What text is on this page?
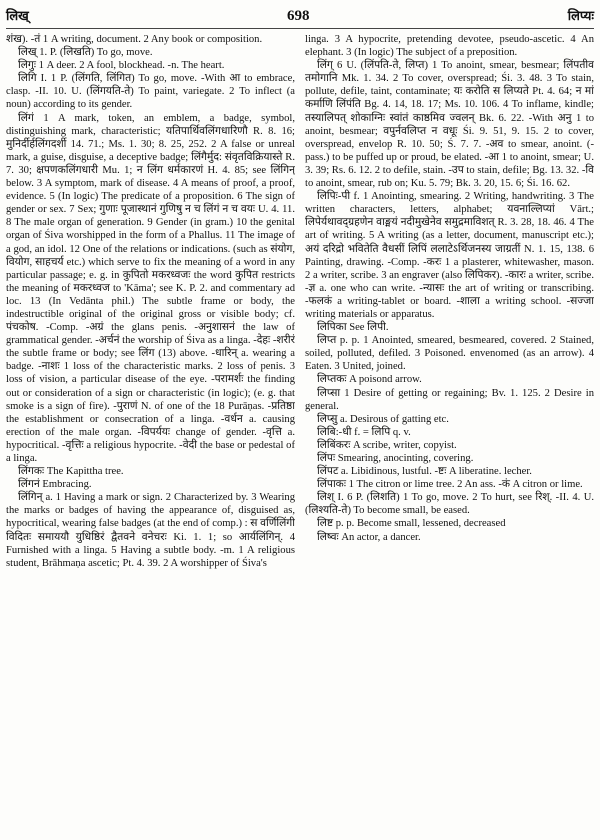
लिख्	698	लिप्यः

शंख). -तं 1 A writing, document. 2 Any book or composition.

लिख् 1. P. (लिखति) To go, move.

लिगुः 1 A deer. 2 A fool, blockhead. -n. The heart.

लिगि I. 1 P. (लिंगति, लिंगित) To go, move. -With आ to embrace, clasp. -II. 10. U. (लिंगयति-ते) To paint, variegate. 2 To inflect (a noun) according to its gender.

लिंगं 1 A mark, token, an emblem, a badge, symbol, distinguishing mark, characteristic; यतिपार्थिवलिंगधारिणौ R. 8. 16; मुनिर्दीर्हलिंगदर्शी 14. 71.; Ms. 1. 30; 8. 25, 252. 2 A false or unreal mark, a guise, disguise, a deceptive badge; लिंगैर्मुद: संवृतविक्रियास्ते R. 7. 30; क्षपणकलिंगधारी Mu. 1; न लिंग धर्मकारणं H. 4. 85; see लिंगिन् below. 3 A symptom, mark of disease. 4 A means of proof, a proof, evidence. 5 (In logic) The predicate of a proposition. 6 The sign of gender or sex. 7 Sex; गुणाः पूजास्थानं गुणिषु न च लिंगं न च वयः U. 4. 11. 8 The male organ of generation. 9 Gender (in gram.) 10 the genital organ of Śiva worshipped in the form of a Phallus. 11 The image of a god, an idol. 12 One of the relations or indications. (such as संयोग, वियोग, साहचर्य etc.) which serve to fix the meaning of a word in any particular passage; e. g. in कुपितो मकरध्वजः the word कुपित restricts the meaning of मकरध्वज to 'Kāma'; see K. P. 2. and commentary ad loc. 13 (In Vedānta phil.) The subtle frame or body, the indestructible original of the original gross or visible body; cf. पंचकोष. -Comp. -अग्रं the glans penis. -अनुशासनं the law of grammatical gender. -अर्चनं the worship of Śiva as a linga. -देहः -शरीरं the subtle frame or body; see लिंग (13) above. -धारिन् a. wearing a badge. -नाशः 1 loss of the characteristic marks. 2 loss of penis. 3 loss of vision, a particular disease of the eye. -परामर्शः the finding out or consideration of a sign or characteristic (in logic); (e. g. that smoke is a sign of fire). -पुराणं N. of one of the 18 Purāṇas. -प्रतिष्ठा the establishment or consecration of a linga. -वर्धन a. causing erection of the male organ. -विपर्ययः change of gender. -वृत्ति a. hypocritical. -वृत्तिः a religious hypocrite. -वेदी the base or pedestal of a linga.

लिंगकः The Kapittha tree.

लिंगनं Embracing.

लिंगिन् a. 1 Having a mark or sign. 2 Characterized by. 3 Wearing the marks or badges of having the appearance of, disguised as, hypocritical, wearing false badges (at the end of comp.) : स वर्णिलिंगी विदितः समाययौ युधिष्ठिरं द्वैतवने वनेचरः Ki. 1. 1; so आर्यलिंगिन्. 4 Furnished with a linga. 5 Having a subtle body. -m. 1 A religious student, Brāhmaṇa ascetic; Pt. 4. 39. 2 A worshipper of Śiva's

linga. 3 A hypocrite, pretending devotee, pseudo-ascetic. 4 An elephant. 3 (In logic) The subject of a preposition.

लिंग् 6 U. (लिंपति-ते, लिप्त) 1 To anoint, smear, besmear; लिंपतीव तमोगानि Mk. 1. 34. 2 To cover, overspread; Śi. 3. 48. 3 To stain, pollute, defile, taint, contaminate; यः करोति स लिप्यते Pt. 4. 64; न मां कर्माणि लिंपंति Bg. 4. 14, 18. 17; Ms. 10. 106. 4 To inflame, kindle; तस्यालिपत् शोकाग्निः स्वांतं काष्ठमिव ज्वलन् Bk. 6. 22. -With अनु 1 to anoint, besmear; वपुर्नवलिप्त न वधूः Śi. 9. 51, 9. 15. 2 to cover, overspread, envelop R. 10. 50; Ś. 7. 7. -अव to smear, anoint. (-pass.) to be puffed up or proud, be elated. -आ 1 to anoint, smear; U. 3. 39; Rs. 6. 12. 2 to defile, stain. -उप to stain, defile; Bg. 13. 32. -वि to anoint, smear, rub on; Ku. 5. 79; Bk. 3. 20, 15. 6; Śi. 16. 62.

लिपिः-पी f. 1 Anointing, smearing. 2 Writing, handwriting. 3 The written characters, letters, alphabet; यवनाल्लिप्यां Vārt.; लिपेर्यथावद्ग्रहणेन वाङ्मयं नदीमुखेनेव समुद्रमाविशत् R. 3. 28, 18. 46. 4 The art of writing. 5 A writing (as a letter, document, manuscript etc.); अयं दरिद्रो भवितेति वैधसीं लिपिं ललाटेऽर्थिजनस्य जाग्रतीं N. 1. 15, 138. 6 Painting, drawing. -Comp. -करः 1 a plasterer, whitewasher, mason. 2 a writer, scribe. 3 an engraver (also लिपिकर). -कारः a writer, scribe. -ज्ञ a. one who can write. -न्यासः the art of writing or transcribing. -फलकं a writing-tablet or board. -शाला a writing school. -सज्जा writing materials or apparatus.

लिपिका See लिपी.

लिप्त p. p. 1 Anointed, smeared, besmeared, covered. 2 Stained, soiled, polluted, defiled. 3 Poisoned. envenomed (as an arrow). 4 Eaten. 3 United, joined.

लिप्तकः A poisond arrow.

लिप्सा 1 Desire of getting or regaining; Bv. 1. 125. 2 Desire in general.

लिप्सु a. Desirous of gatting etc.

लिबि:-धी f. = लिपि q. v.

लिबिंकरः A scribe, writer, copyist.

लिंपः Smearing, anocinting, covering.

लिंपट a. Libidinous, lustful. -ष्टः A liberatine. lecher.

लिंपाकः 1 The citron or lime tree. 2 An ass. -कं A citron or lime.

लिश् I. 6 P. (लिशति) 1 To go, move. 2 To hurt, see रिश्. -II. 4. U. (लिश्यति-ते) To become small, be eased.

लिष्ट p. p. Become small, lessened, decreased

लिष्वः An actor, a dancer.
